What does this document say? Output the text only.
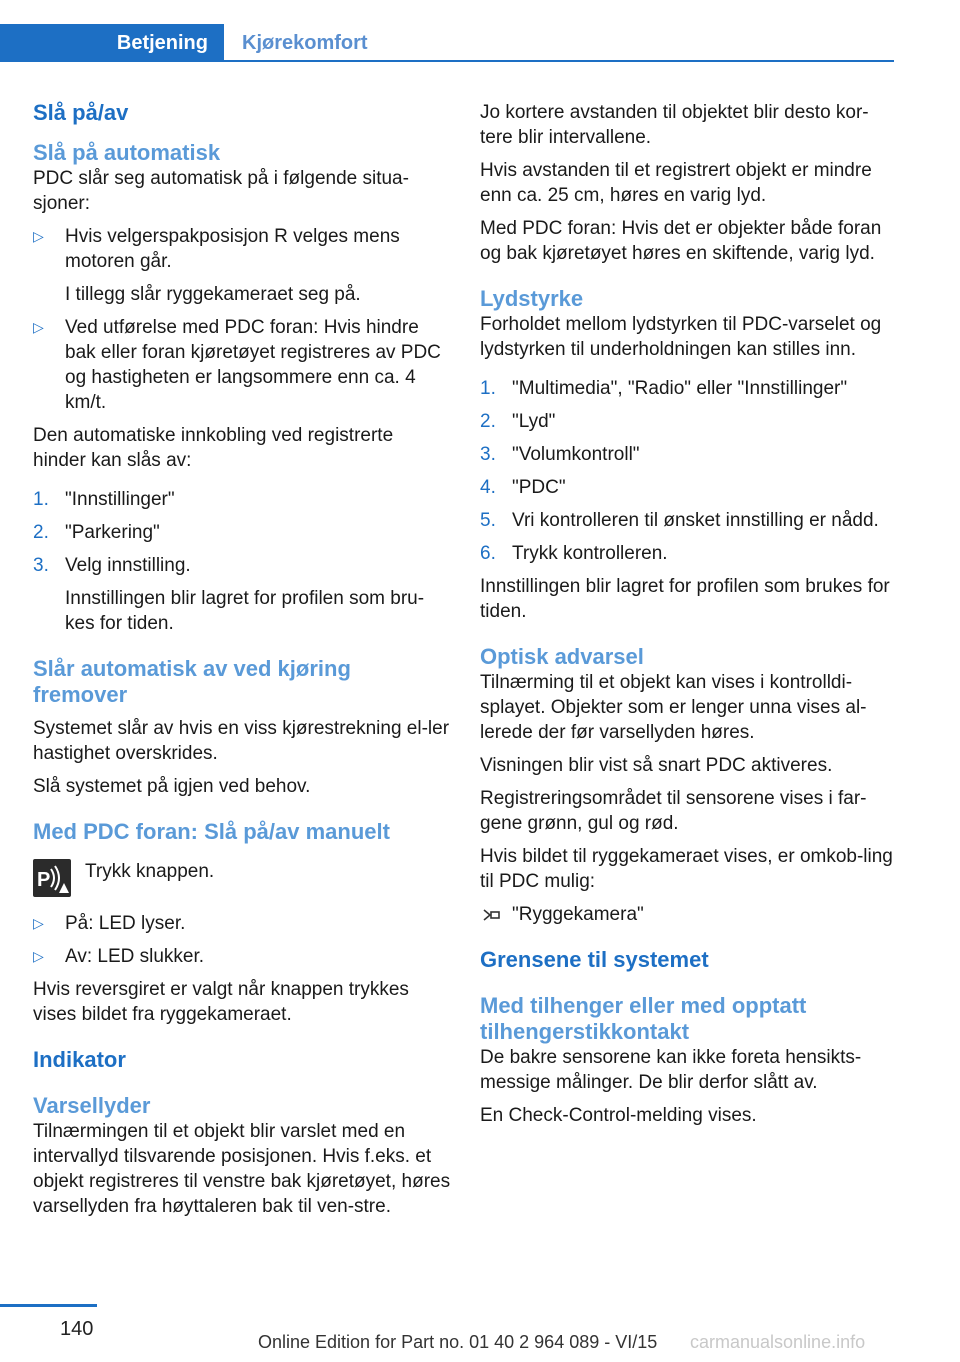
Betjening	Kjørekomfort
Slå på/av
Slå på automatisk

PDC slår seg automatisk på i følgende situa-sjoner:

▷	Hvis velgerspakposisjon R velges mens motoren går.
I tillegg slår ryggekameraet seg på.
▷	Ved utførelse med PDC foran: Hvis hindre bak eller foran kjøretøyet registreres av PDC og hastigheten er langsommere enn ca. 4 km/t.

Den automatiske innkobling ved registrerte hinder kan slås av:

1. "Innstillinger"
2. "Parkering"
3. Velg innstilling.
Innstillingen blir lagret for profilen som bru-kes for tiden.
Slår automatisk av ved kjøring fremover

Systemet slår av hvis en viss kjørestrekning el-ler hastighet overskrides.

Slå systemet på igjen ved behov.

Med PDC foran: Slå på/av manuelt
P Trykk knappen.

▷	På: LED lyser.
▷	Av: LED slukker.

Hvis reversgiret er valgt når knappen trykkes vises bildet fra ryggekameraet.

Indikator
Varsellyder

Tilnærmingen til et objekt blir varslet med en intervallyd tilsvarende posisjonen. Hvis f.eks. et objekt registreres til venstre bak kjøretøyet, høres varsellyden fra høyttaleren bak til ven-stre.

Jo kortere avstanden til objektet blir desto kor-tere blir intervallene.

Hvis avstanden til et registrert objekt er mindre enn ca. 25 cm, høres en varig lyd.

Med PDC foran: Hvis det er objekter både foran og bak kjøretøyet høres en skiftende, varig lyd.

Lydstyrke

Forholdet mellom lydstyrken til PDC-varselet og lydstyrken til underholdningen kan stilles inn.

1. "Multimedia", "Radio" eller "Innstillinger"
2. "Lyd"
3. "Volumkontroll"
4. "PDC"
5. Vri kontrolleren til ønsket innstilling er nådd.
6. Trykk kontrolleren.

Innstillingen blir lagret for profilen som brukes for tiden.

Optisk advarsel

Tilnærming til et objekt kan vises i kontrolldi-splayet. Objekter som er lenger unna vises al-lerede der før varsellyden høres.

Visningen blir vist så snart PDC aktiveres.

Registreringsområdet til sensorene vises i far-gene grønn, gul og rød.

Hvis bildet til ryggekameraet vises, er omkob-ling til PDC mulig:

"Ryggekamera"

Grensene til systemet
Med tilhenger eller med opptatt tilhengerstikkontakt

De bakre sensorene kan ikke foreta hensikts-messige målinger. De blir derfor slått av.

En Check-Control-melding vises.

140
Online Edition for Part no. 01 40 2 964 089 - VI/15 carmanualsonline.info
